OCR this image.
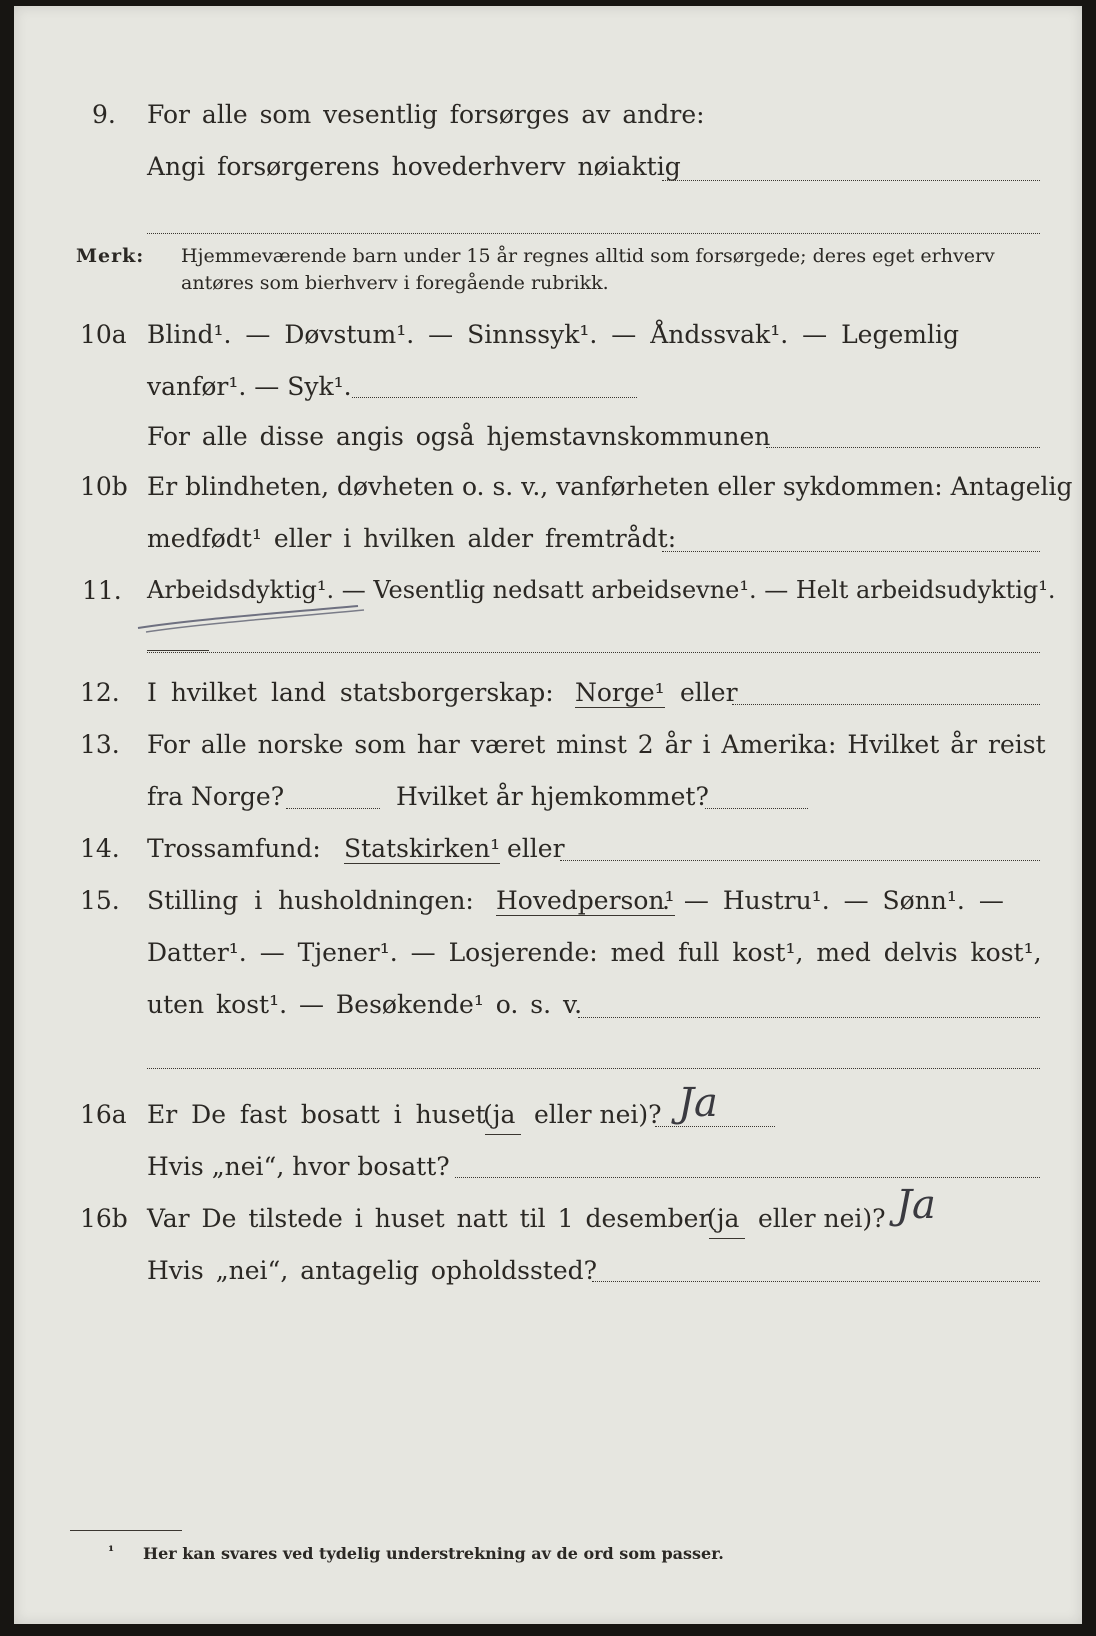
9. For alle som vesentlig forsørges av andre:
Angi forsørgerens hovederhverv nøiaktig
Merk: Hjemmeværende barn under 15 år regnes alltid som forsørgede; deres eget erhverv
antøres som bierhverv i foregående rubrikk.
10a Blind¹. — Døvstum¹. — Sinnssyk¹. — Åndssvak¹. — Legemlig
vanfør¹. — Syk¹.
For alle disse angis også hjemstavnskommunen
10b Er blindheten, døvheten o. s. v., vanførheten eller sykdommen: Antagelig
medfødt¹ eller i hvilken alder fremtrådt:
11. Arbeidsdyktig¹. — Vesentlig nedsatt arbeidsevne¹. — Helt arbeidsudyktig¹.
12. I hvilket land statsborgerskap: Norge¹ eller
13. For alle norske som har været minst 2 år i Amerika: Hvilket år reist
fra Norge?	Hvilket år hjemkommet?
14. Trossamfund: Statskirken¹ eller
15. Stilling i husholdningen: Hovedperson¹
. — Hustru¹. — Sønn¹. —
Datter¹. — Tjener¹. — Losjerende: med full kost¹, med delvis kost¹,
uten kost¹. — Besøkende¹ o. s. v.
16a Er De fast bosatt i huset
(ja eller nei)? Ja
Hvis „nei“, hvor bosatt?
16b Var De tilstede i huset natt til 1 desember
(ja eller nei)? Ja
Hvis „nei“, antagelig opholdssted?
¹ Her kan svares ved tydelig understrekning av de ord som passer.
